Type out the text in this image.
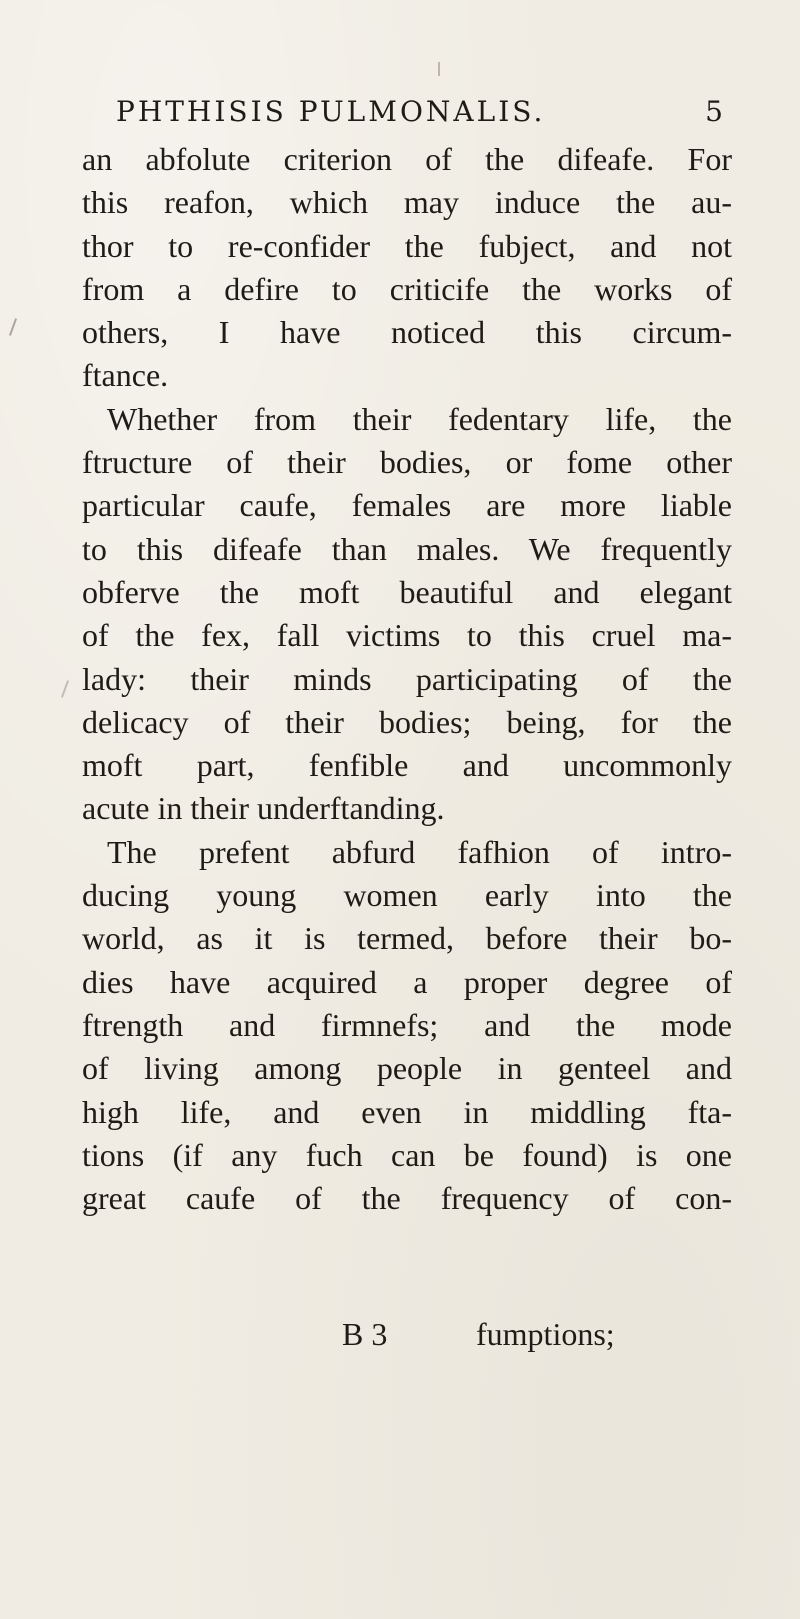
PHTHISIS PULMONALIS.	5
an abfolute criterion of the difeafe. For
this reafon, which may induce the au-
thor to re-confider the fubject, and not
from a defire to criticife the works of
others, I have noticed this circum-
ftance.
Whether from their fedentary life, the
ftructure of their bodies, or fome other
particular caufe, females are more liable
to this difeafe than males. We frequently
obferve the moft beautiful and elegant
of the fex, fall victims to this cruel ma-
lady: their minds participating of the
delicacy of their bodies; being, for the
moft part, fenfible and uncommonly
acute in their underftanding.
The prefent abfurd fafhion of intro-
ducing young women early into the
world, as it is termed, before their bo-
dies have acquired a proper degree of
ftrength and firmnefs; and the mode
of living among people in genteel and
high life, and even in middling fta-
tions (if any fuch can be found) is one
great caufe of the frequency of con-
B 3	fumptions;
